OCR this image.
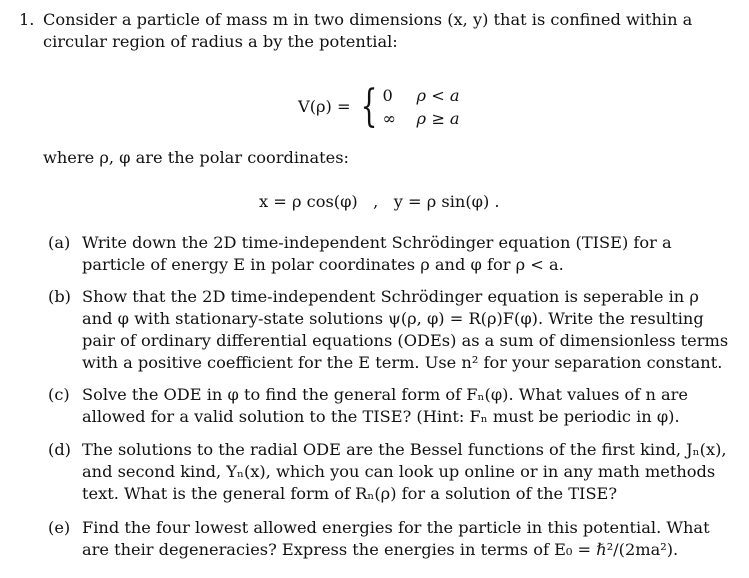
1. Consider a particle of mass m in two dimensions (x, y) that is confined within a circular region of radius a by the potential:

V(ρ) = { 0	ρ < a
∞	ρ ≥ a
where ρ, φ are the polar coordinates:
x = ρ cos(φ)   ,   y = ρ sin(φ) .
(a) Write down the 2D time-independent Schrödinger equation (TISE) for a particle of energy E in polar coordinates ρ and φ for ρ < a.
(b) Show that the 2D time-independent Schrödinger equation is seperable in ρ and φ with stationary-state solutions ψ(ρ, φ) = R(ρ)F(φ). Write the resulting pair of ordinary differential equations (ODEs) as a sum of dimensionless terms with a positive coefficient for the E term. Use n² for your separation constant.
(c) Solve the ODE in φ to find the general form of Fₙ(φ). What values of n are allowed for a valid solution to the TISE? (Hint: Fₙ must be periodic in φ).
(d) The solutions to the radial ODE are the Bessel functions of the first kind, Jₙ(x), and second kind, Yₙ(x), which you can look up online or in any math methods text. What is the general form of Rₙ(ρ) for a solution of the TISE?
(e) Find the four lowest allowed energies for the particle in this potential. What are their degeneracies? Express the energies in terms of E₀ = ℏ²/(2ma²).
